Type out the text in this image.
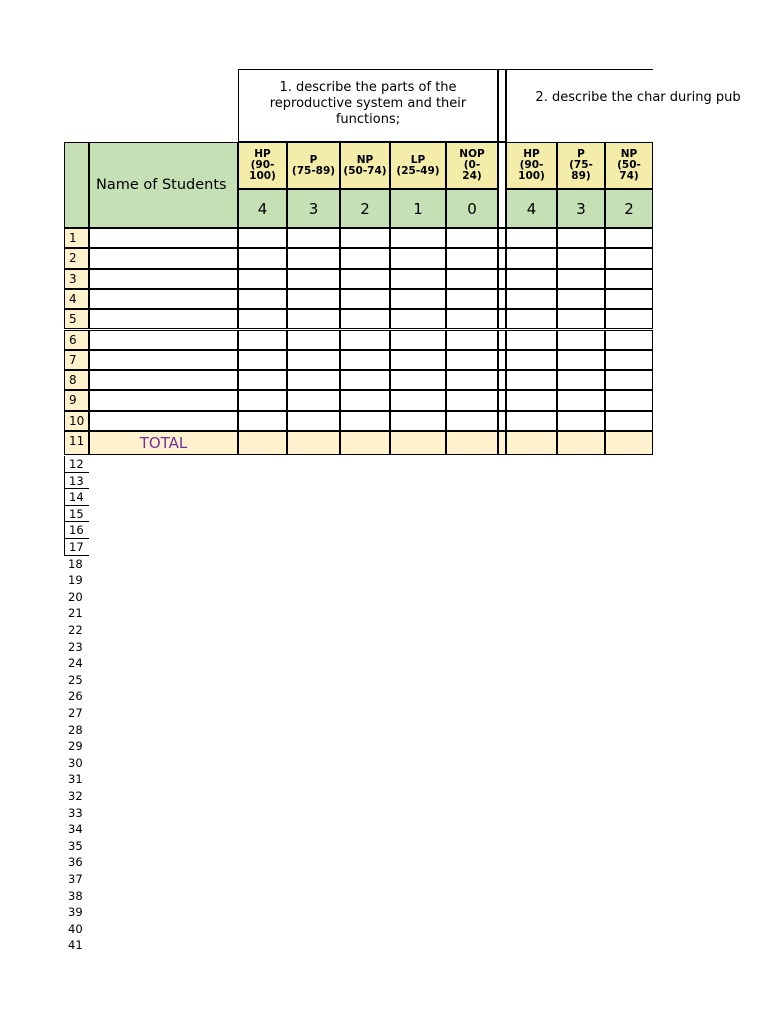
1. describe the parts of the reproductive system and their functions;
2. describe the char during pub
Name of Students
HP
(90-
100)
4
P
(75-89)
3
NP
(50-74)
2
LP
(25-49)
1
NOP
(0-
24)
0
HP
(90-
100)
4
P
(75-
89)
3
NP
(50-
74)
2
1
2
3
4
5
6
7
8
9
10
11	TOTAL
12
13
14
15
16
17
18
19
20
21
22
23
24
25
26
27
28
29
30
31
32
33
34
35
36
37
38
39
40
41
